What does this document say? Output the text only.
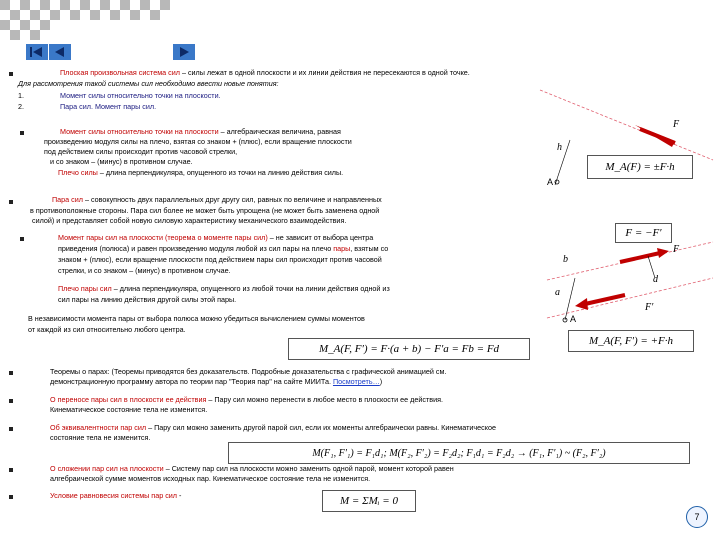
Плоская произвольная система сил – силы лежат в одной плоскости и их линии действия не пересекаются в одной точке.
Для рассмотрения такой системы сил необходимо ввести новые понятия:
1.	Момент силы относительно точки на плоскости.
2.	Пара сил. Момент пары сил.
Момент силы относительно точки на плоскости – алгебраическая величина, равная
произведению модуля силы на плечо, взятая со знаком + (плюс), если вращение плоскости
под действием силы происходит против часовой стрелки,
и со знаком – (минус) в противном случае.
Плечо силы – длина перпендикуляра, опущенного из точки на линию действия силы.
Пара сил – совокупность двух параллельных друг другу сил, равных по величине и направленных
в противоположные стороны. Пара сил более не может быть упрощена (не может быть заменена одной
силой) и представляет собой новую силовую характеристику механического взаимодействия.
Момент пары сил на плоскости (теорема о моменте пары сил) – не зависит от выбора центра
приведения (полюса) и равен произведению модуля любой из сил пары на плечо пары, взятым со
знаком + (плюс), если вращение плоскости под действием пары сил происходит против часовой
стрелки, и со знаком – (минус) в противном случае.
Плечо пары сил – длина перпендикуляра, опущенного из любой точки на линии действия одной из
сил пары на линию действия другой силы этой пары.
В независимости момента пары от выбора полюса можно убедиться вычислением суммы моментов
от каждой из сил относительно любого центра.
M_A(F, F′) = F·(a + b) − F′a = Fb = Fd
Теоремы о парах: (Теоремы приводятся без доказательств. Подробные доказательства с графической анимацией см.
демонстрационную программу автора по теории пар "Теория пар" на сайте МИИТа. Посмотреть…)
О переносе пары сил в плоскости ее действия – Пару сил можно перенести в любое место в плоскости ее действия.
Кинематическое состояние тела не изменится.
Об эквивалентности пар сил – Пару сил можно заменить другой парой сил, если их моменты алгебраически равны. Кинематическое
состояние тела не изменится.
M(F₁, F′₁) = F₁d₁; M(F₂, F′₂) = F₂d₂; F₁d₁ = F₂d₂ → (F₁, F′₁) ~ (F₂, F′₂)
О сложении пар сил на плоскости – Систему пар сил на плоскости можно заменить одной парой, момент которой равен
алгебраической сумме моментов исходных пар. Кинематическое состояние тела не изменится.
Условие равновесия системы пар сил -	M = ΣMᵢ = 0
F
h
A
M_A(F) = ±F·h
F = −F′
F
b
a
d
F′
A
M_A(F, F′) = +F·h
7
